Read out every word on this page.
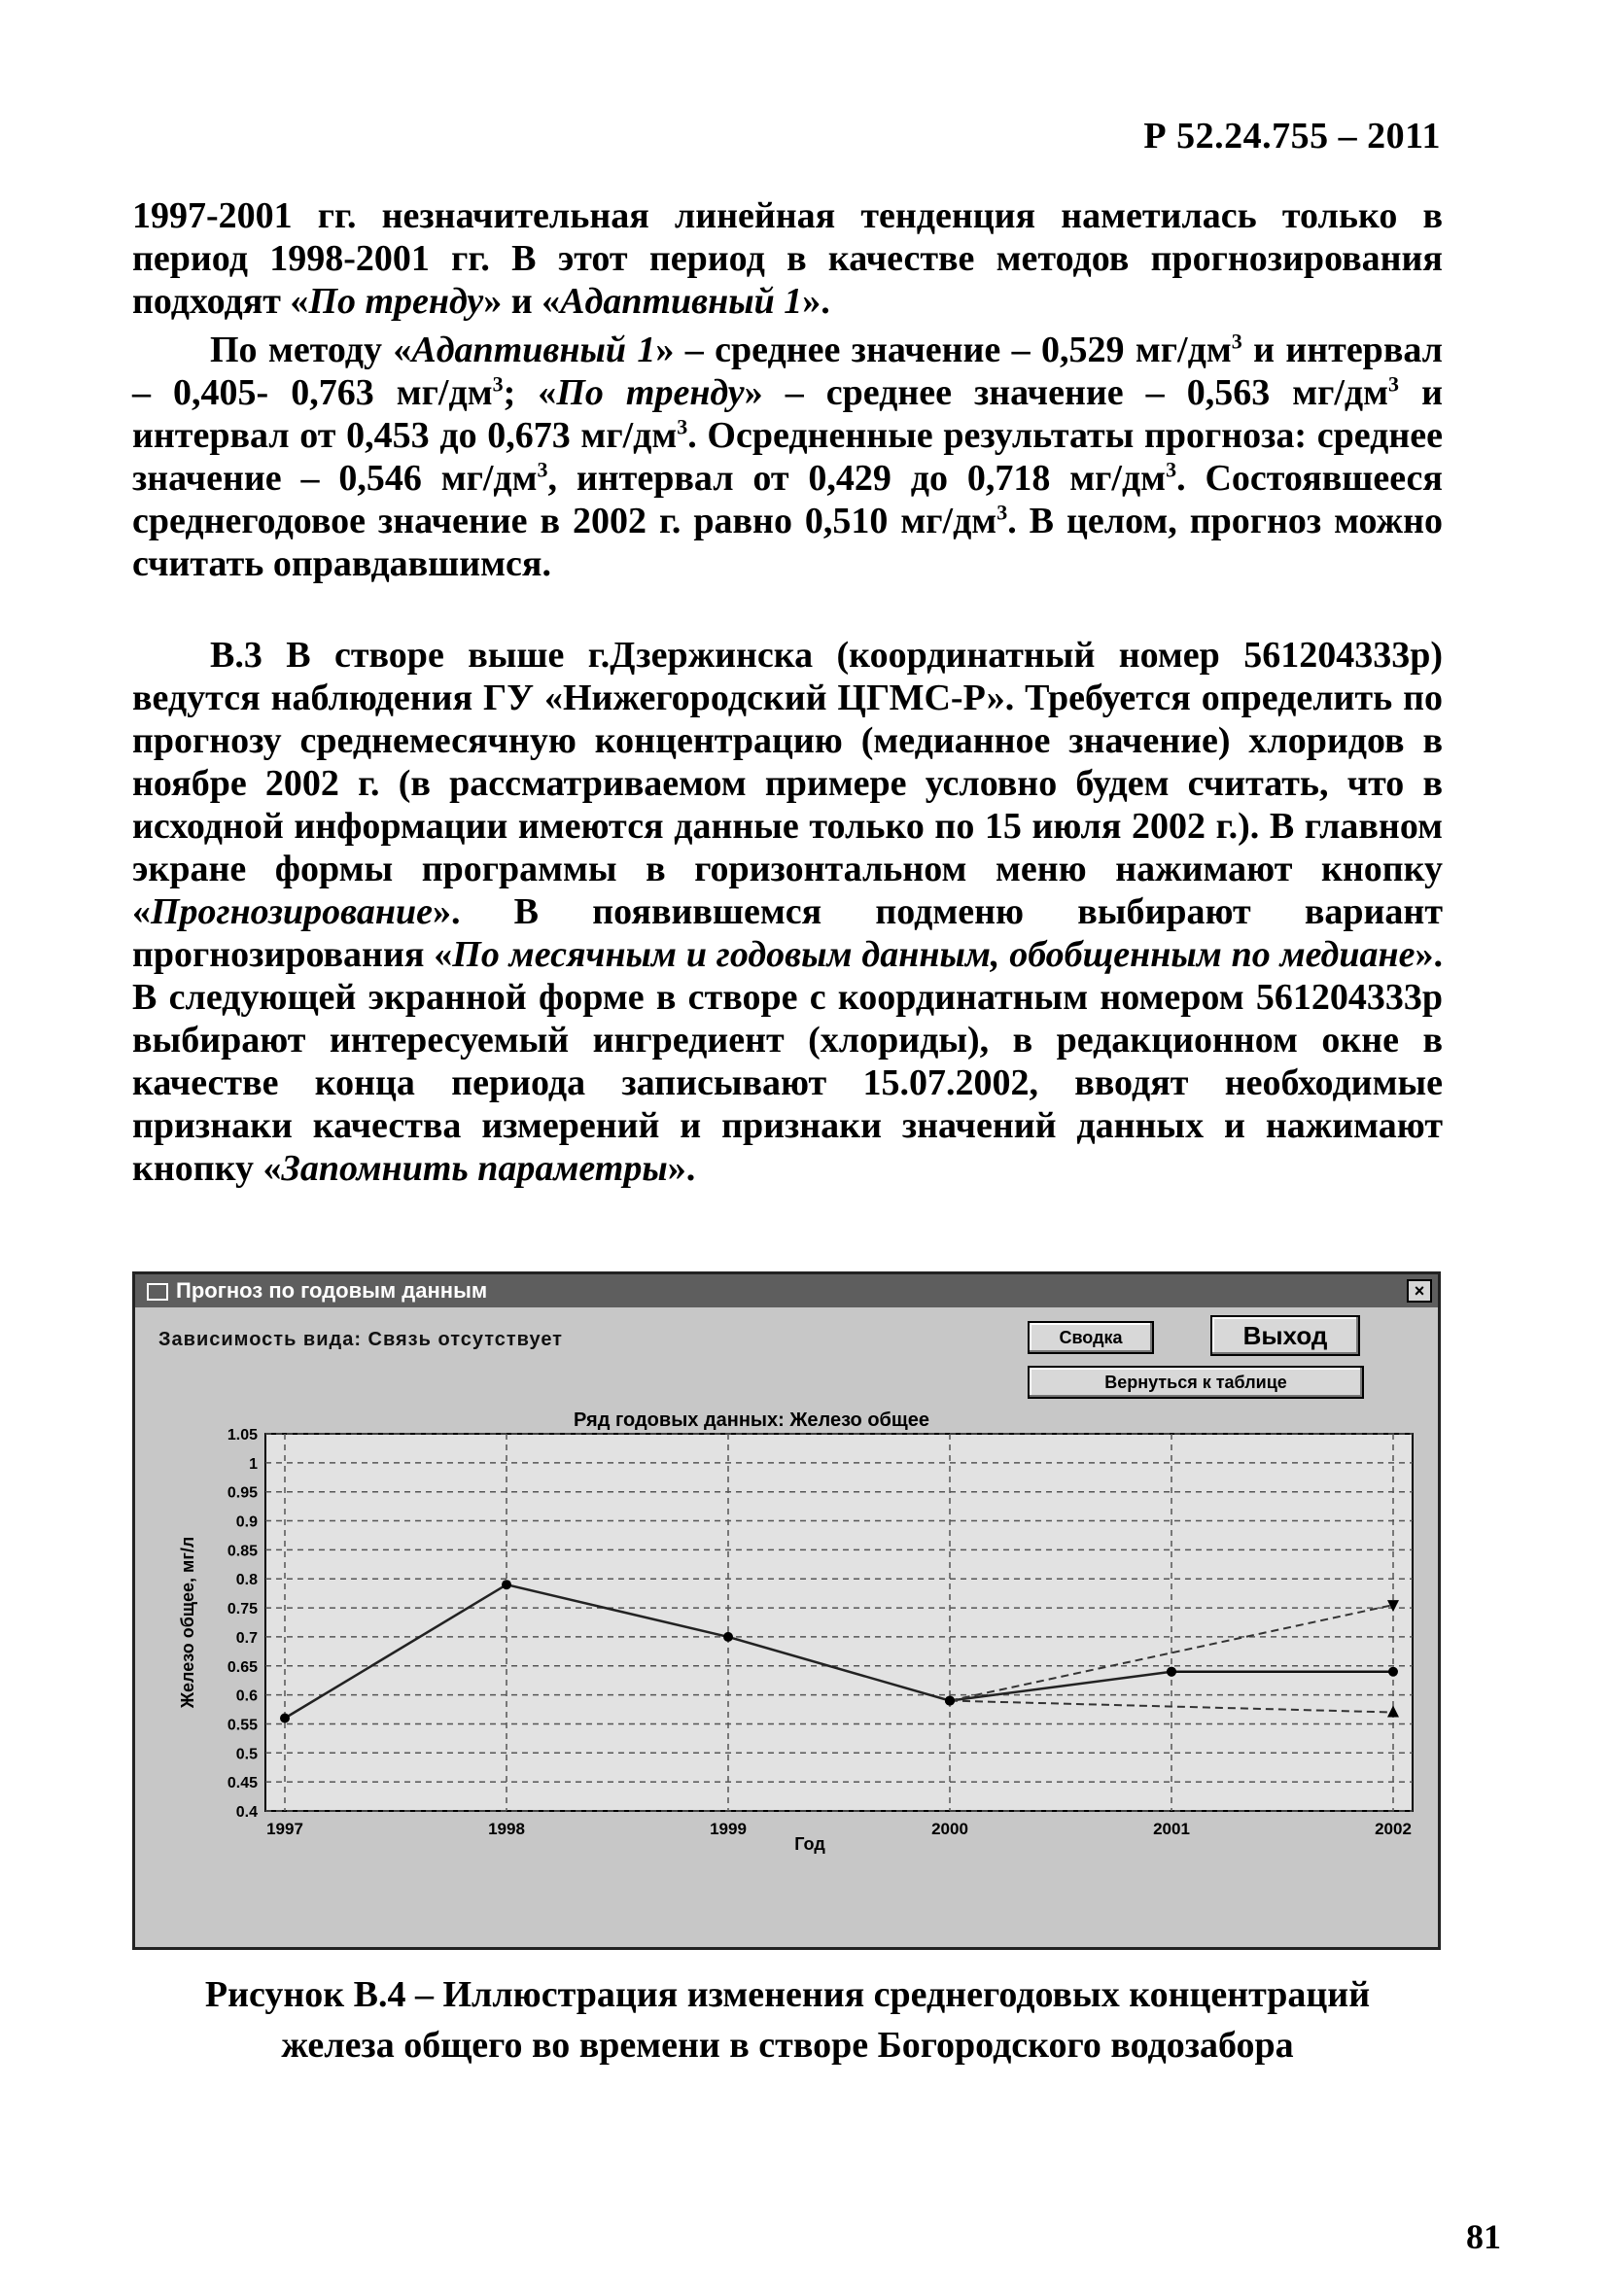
Р 52.24.755 – 2011

1997-2001 гг. незначительная линейная тенденция наметилась только в период 1998-2001 гг. В этот период в качестве методов прогнозирования подходят «По тренду» и «Адаптивный 1».

По методу «Адаптивный 1» – среднее значение – 0,529 $мг/дм^3$ и интервал – 0,405- 0,763 $мг/дм^3$; «По тренду» – среднее значение – 0,563 $мг/дм^3$ и интервал от 0,453 до 0,673 $мг/дм^3$. Осредненные результаты прогноза: среднее значение – 0,546 $мг/дм^3$, интервал от 0,429 до 0,718 $мг/дм^3$. Состоявшееся среднегодовое значение в 2002 г. равно 0,510 $мг/дм^3$. В целом, прогноз можно считать оправдавшимся.

В.3 В створе выше г.Дзержинска (координатный номер 561204333р) ведутся наблюдения ГУ «Нижегородский ЦГМС-Р». Требуется определить по прогнозу среднемесячную концентрацию (медианное значение) хлоридов в ноябре 2002 г. (в рассматриваемом примере условно будем считать, что в исходной информации имеются данные только по 15 июля 2002 г.). В главном экране формы программы в горизонтальном меню нажимают кнопку «Прогнозирование». В появившемся подменю выбирают вариант прогнозирования «По месячным и годовым данным, обобщенным по медиане». В следующей экранной форме в створе с координатным номером 561204333р выбирают интересуемый ингредиент (хлориды), в редакционном окне в качестве конца периода записывают 15.07.2002, вводят необходимые признаки качества измерений и признаки значений данных и нажимают кнопку «Запомнить параметры».

Прогноз по годовым данным	×
Зависимость вида: Связь отсутствует	Сводка	Выход
Вернуться к таблице
Ряд годовых данных: Железо общее
Железо общее, мг/л
Год
1.05
1
0.95
0.9
0.85
0.8
0.75
0.7
0.65
0.6
0.55
0.5
0.45
0.4
1997	1998	1999	2000	2001	2002

Рисунок В.4 – Иллюстрация изменения среднегодовых концентраций
железа общего во времени в створе Богородского водозабора

81
